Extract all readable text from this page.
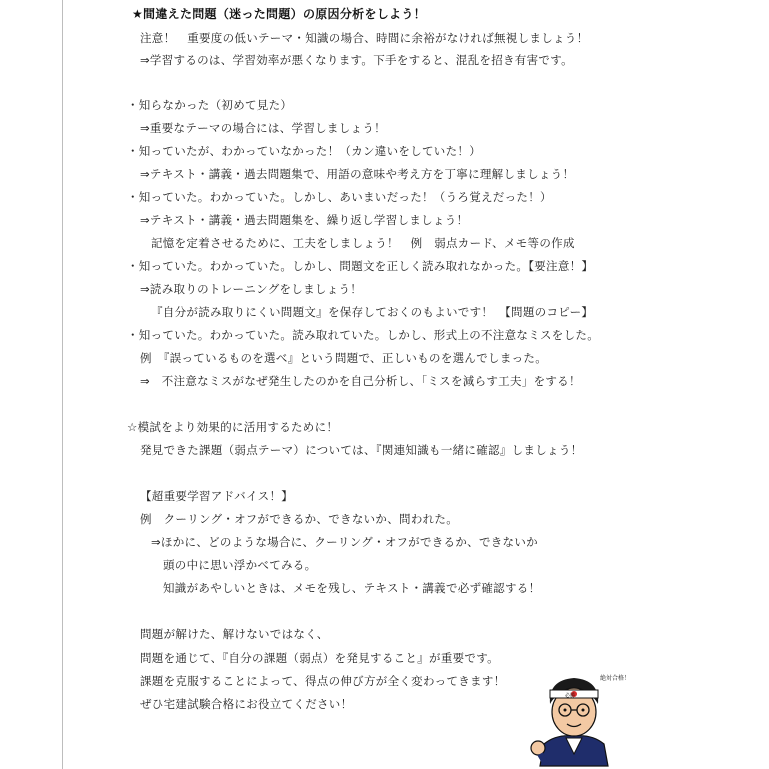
★間違えた問題（迷った問題）の原因分析をしよう！
注意！　重要度の低いテーマ・知識の場合、時間に余裕がなければ無視しましょう！
⇒学習するのは、学習効率が悪くなります。下手をすると、混乱を招き有害です。
・知らなかった（初めて見た）
⇒重要なテーマの場合には、学習しましょう！
・知っていたが、わかっていなかった！（カン違いをしていた！）
⇒テキスト・講義・過去問題集で、用語の意味や考え方を丁寧に理解しましょう！
・知っていた。わかっていた。しかし、あいまいだった！（うろ覚えだった！）
⇒テキスト・講義・過去問題集を、繰り返し学習しましょう！
記憶を定着させるために、工夫をしましょう！　例　弱点カード、メモ等の作成
・知っていた。わかっていた。しかし、問題文を正しく読み取れなかった。【要注意！】
⇒読み取りのトレーニングをしましょう！
『自分が読み取りにくい問題文』を保存しておくのもよいです！　【問題のコピー】
・知っていた。わかっていた。読み取れていた。しかし、形式上の不注意なミスをした。
例　『誤っているものを選べ』という問題で、正しいものを選んでしまった。
⇒　不注意なミスがなぜ発生したのかを自己分析し、「ミスを減らす工夫」をする！
☆模試をより効果的に活用するために！
発見できた課題（弱点テーマ）については、『関連知識も一緒に確認』しましょう！
【超重要学習アドバイス！】
例　クーリング・オフができるか、できないか、問われた。
⇒ほかに、どのような場合に、クーリング・オフができるか、できないか
頭の中に思い浮かべてみる。
知識があやしいときは、メモを残し、テキスト・講義で必ず確認する！
問題が解けた、解けないではなく、
問題を通じて、『自分の課題（弱点）を発見すること』が重要です。
課題を克服することによって、得点の伸び方が全く変わってきます！
ぜひ宅建試験合格にお役立てください！
必勝
絶対合格！
